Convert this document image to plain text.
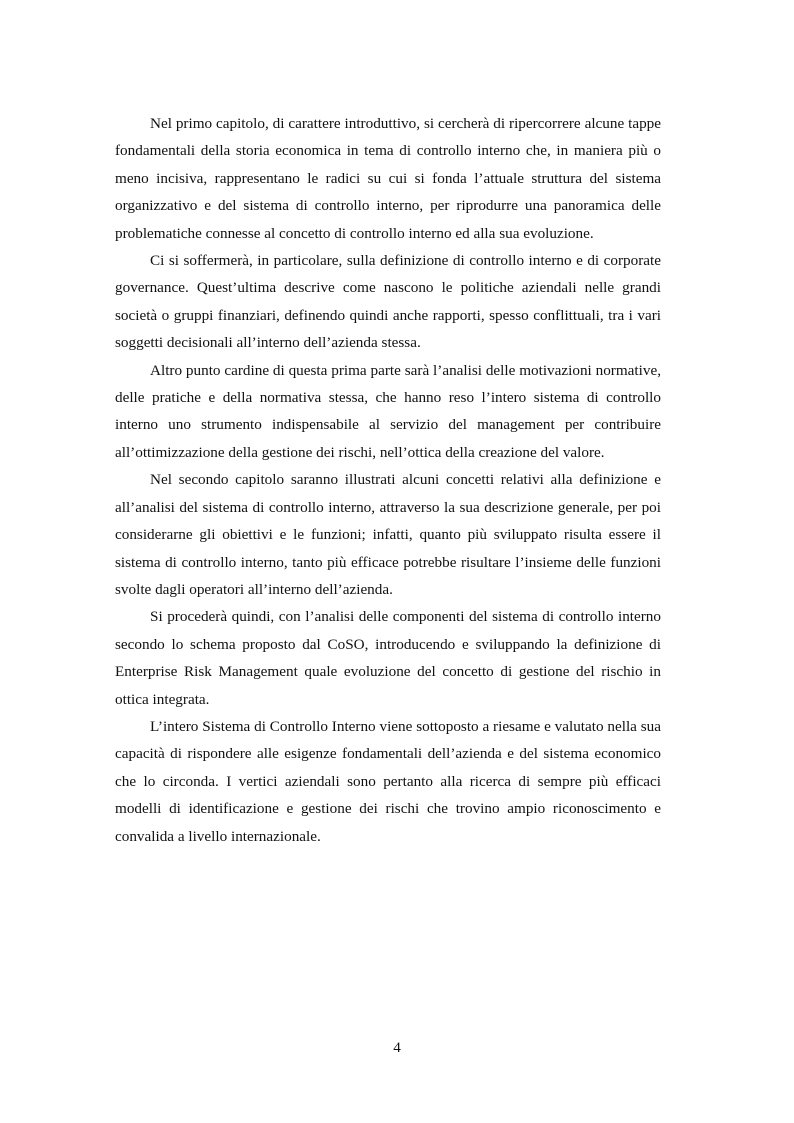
Nel primo capitolo, di carattere introduttivo, si cercherà di ripercorrere alcune tappe fondamentali della storia economica in tema di controllo interno che, in maniera più o meno incisiva, rappresentano le radici su cui si fonda l’attuale struttura del sistema organizzativo e del sistema di controllo interno, per riprodurre una panoramica delle problematiche connesse al concetto di controllo interno ed alla sua evoluzione.

Ci si soffermerà, in particolare, sulla definizione di controllo interno e di corporate governance. Quest’ultima descrive come nascono le politiche aziendali nelle grandi società o gruppi finanziari, definendo quindi anche rapporti, spesso conflittuali, tra i vari soggetti decisionali all’interno dell’azienda stessa.

Altro punto cardine di questa prima parte sarà l’analisi delle motivazioni normative, delle pratiche e della normativa stessa, che hanno reso l’intero sistema di controllo interno uno strumento indispensabile al servizio del management per contribuire all’ottimizzazione della gestione dei rischi, nell’ottica della creazione del valore.

Nel secondo capitolo saranno illustrati alcuni concetti relativi alla definizione e all’analisi del sistema di controllo interno, attraverso la sua descrizione generale, per poi considerarne gli obiettivi e le funzioni; infatti, quanto più sviluppato risulta essere il sistema di controllo interno, tanto più efficace potrebbe risultare l’insieme delle funzioni svolte dagli operatori all’interno dell’azienda.

Si procederà quindi, con l’analisi delle componenti del sistema di controllo interno secondo lo schema proposto dal CoSO, introducendo e sviluppando la definizione di Enterprise Risk Management quale evoluzione del concetto di gestione del rischio in ottica integrata.

L’intero Sistema di Controllo Interno viene sottoposto a riesame e valutato nella sua capacità di rispondere alle esigenze fondamentali dell’azienda e del sistema economico che lo circonda. I vertici aziendali sono pertanto alla ricerca di sempre più efficaci modelli di identificazione e gestione dei rischi che trovino ampio riconoscimento e convalida a livello internazionale.

4
